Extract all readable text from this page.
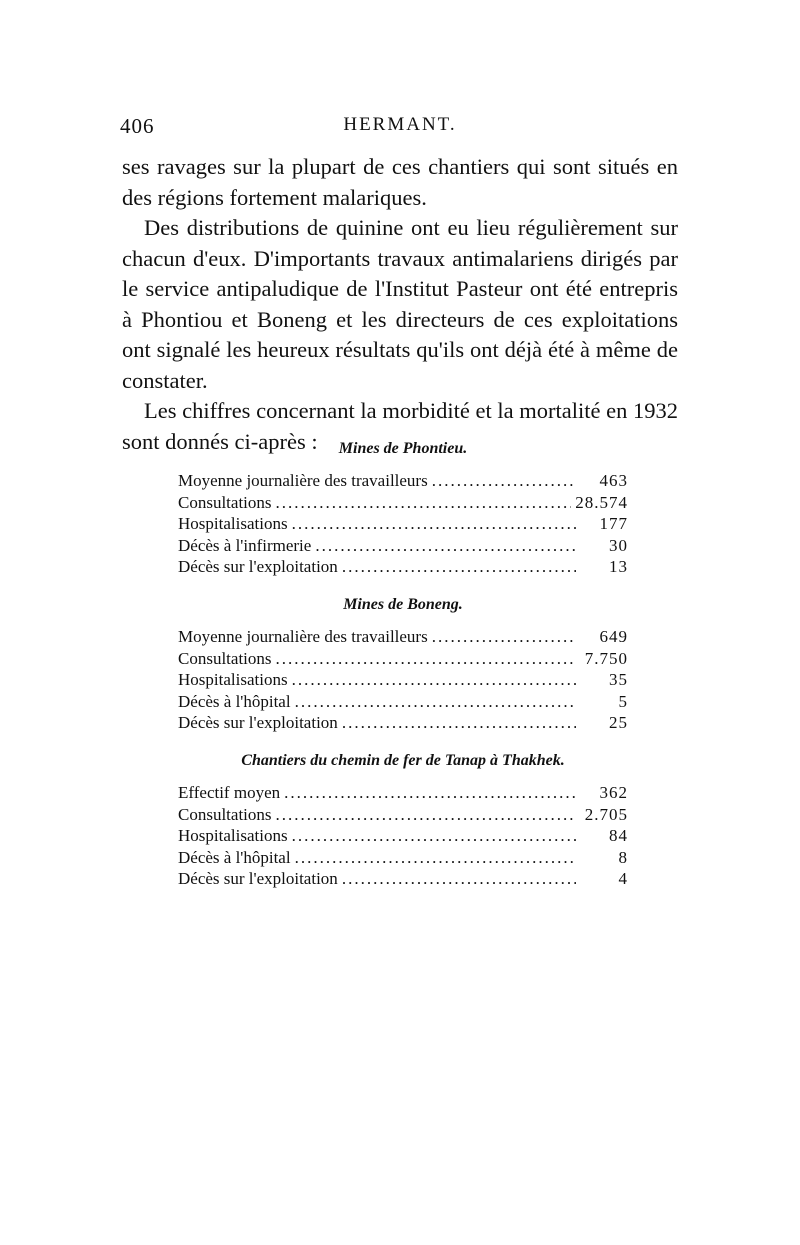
406	HERMANT.

ses ravages sur la plupart de ces chantiers qui sont situés en des régions fortement malariques.

Des distributions de quinine ont eu lieu régulièrement sur chacun d'eux. D'importants travaux antimalariens dirigés par le service antipaludique de l'Institut Pasteur ont été entrepris à Phontiou et Boneng et les directeurs de ces exploitations ont signalé les heureux résultats qu'ils ont déjà été à même de constater.

Les chiffres concernant la morbidité et la mortalité en 1932 sont donnés ci-après :	Mines de Phontieu.
Moyenne journalière des travailleurs .....	463
Consultations .....	28.574
Hospitalisations .....	177
Décès à l'infirmerie .....	30
Décès sur l'exploitation .....	13
Mines de Boneng.
Moyenne journalière des travailleurs .....	649
Consultations .....	7.750
Hospitalisations .....	35
Décès à l'hôpital .....	5
Décès sur l'exploitation .....	25
Chantiers du chemin de fer de Tanap à Thakhek.
Effectif moyen .....	362
Consultations .....	2.705
Hospitalisations .....	84
Décès à l'hôpital .....	8
Décès sur l'exploitation .....	4
